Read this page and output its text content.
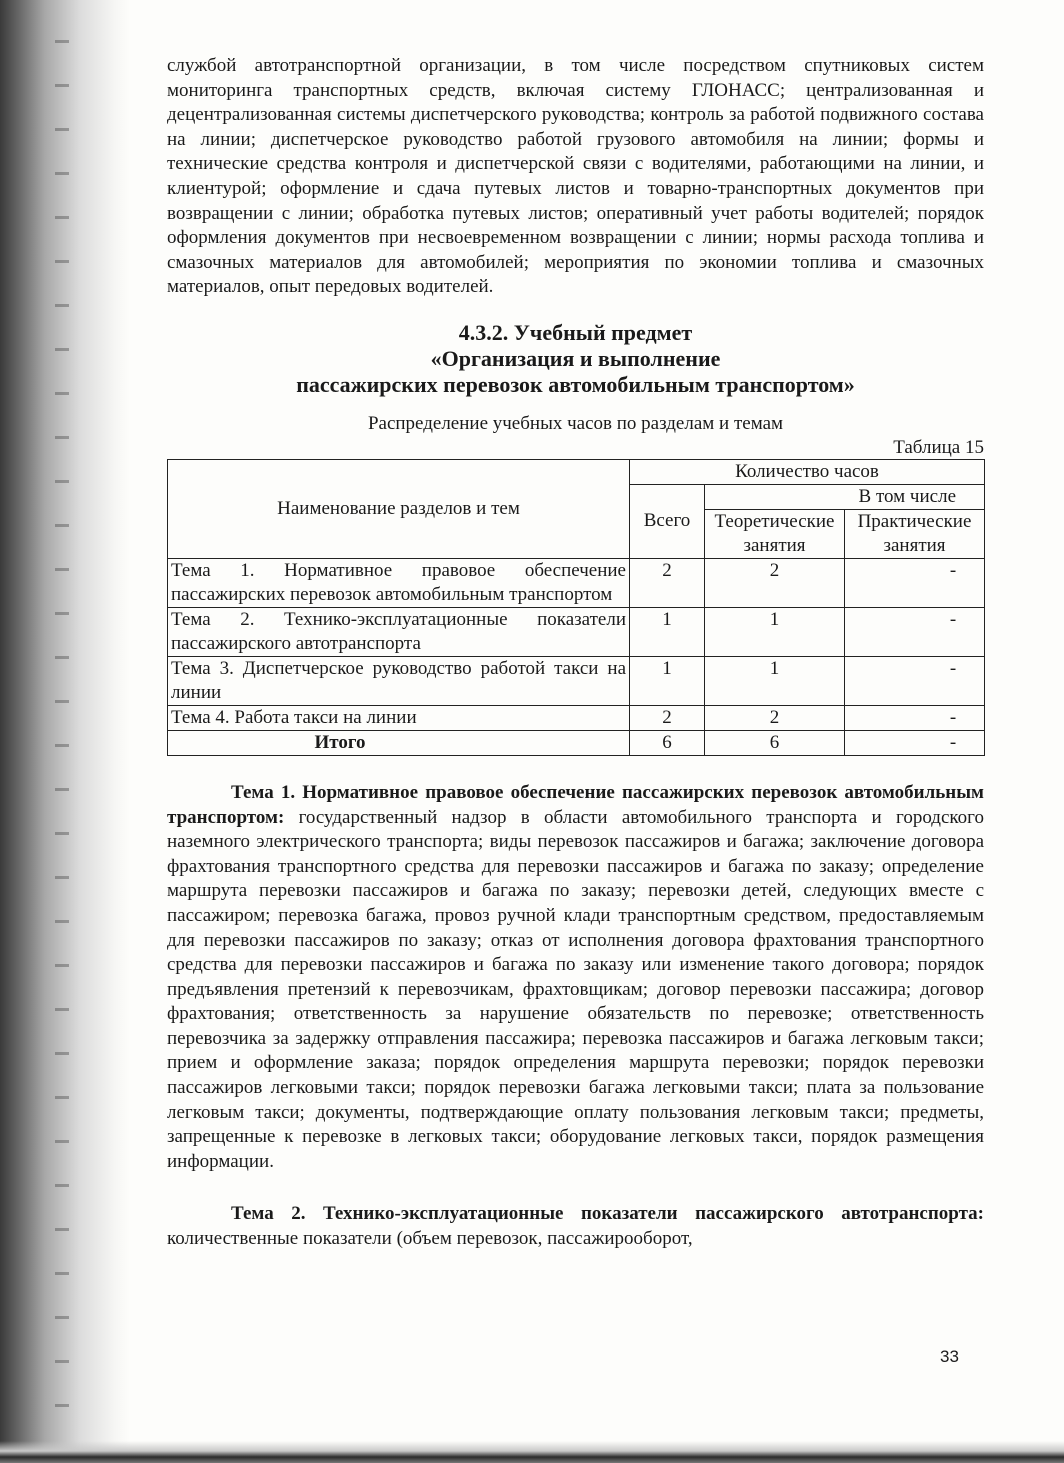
службой автотранспортной организации, в том числе посредством спутниковых систем мониторинга транспортных средств, включая систему ГЛОНАСС; централизованная и децентрализованная системы диспетчерского руководства; контроль за работой подвижного состава на линии; диспетчерское руководство работой грузового автомобиля на линии; формы и технические средства контроля и диспетчерской связи с водителями, работающими на линии, и клиентурой; оформление и сдача путевых листов и товарно-транспортных документов при возвращении с линии; обработка путевых листов; оперативный учет работы водителей; порядок оформления документов при несвоевременном возвращении с линии; нормы расхода топлива и смазочных материалов для автомобилей; мероприятия по экономии топлива и смазочных материалов, опыт передовых водителей.

4.3.2. Учебный предмет
«Организация и выполнение
пассажирских перевозок автомобильным транспортом»

Распределение учебных часов по разделам и темам

Таблица 15

Наименование разделов и тем	Количество часов		
	Всего	В том числе	
		Теоретические занятия	Практические занятия
Тема 1. Нормативное правовое обеспечение пассажирских перевозок автомобильным транспортом	2	2	-
Тема 2. Технико-эксплуатационные показатели пассажирского автотранспорта	1	1	-
Тема 3. Диспетчерское руководство работой такси на линии	1	1	-
Тема 4. Работа такси на линии	2	2	-
Итого	6	6	-

Тема 1. Нормативное правовое обеспечение пассажирских перевозок автомобильным транспортом: государственный надзор в области автомобильного транспорта и городского наземного электрического транспорта; виды перевозок пассажиров и багажа; заключение договора фрахтования транспортного средства для перевозки пассажиров и багажа по заказу; определение маршрута перевозки пассажиров и багажа по заказу; перевозки детей, следующих вместе с пассажиром; перевозка багажа, провоз ручной клади транспортным средством, предоставляемым для перевозки пассажиров по заказу; отказ от исполнения договора фрахтования транспортного средства для перевозки пассажиров и багажа по заказу или изменение такого договора; порядок предъявления претензий к перевозчикам, фрахтовщикам; договор перевозки пассажира; договор фрахтования; ответственность за нарушение обязательств по перевозке; ответственность перевозчика за задержку отправления пассажира; перевозка пассажиров и багажа легковым такси; прием и оформление заказа; порядок определения маршрута перевозки; порядок перевозки пассажиров легковыми такси; порядок перевозки багажа легковыми такси; плата за пользование легковым такси; документы, подтверждающие оплату пользования легковым такси; предметы, запрещенные к перевозке в легковых такси; оборудование легковых такси, порядок размещения информации.

Тема 2. Технико-эксплуатационные показатели пассажирского автотранспорта: количественные показатели (объем перевозок, пассажирооборот,

33
